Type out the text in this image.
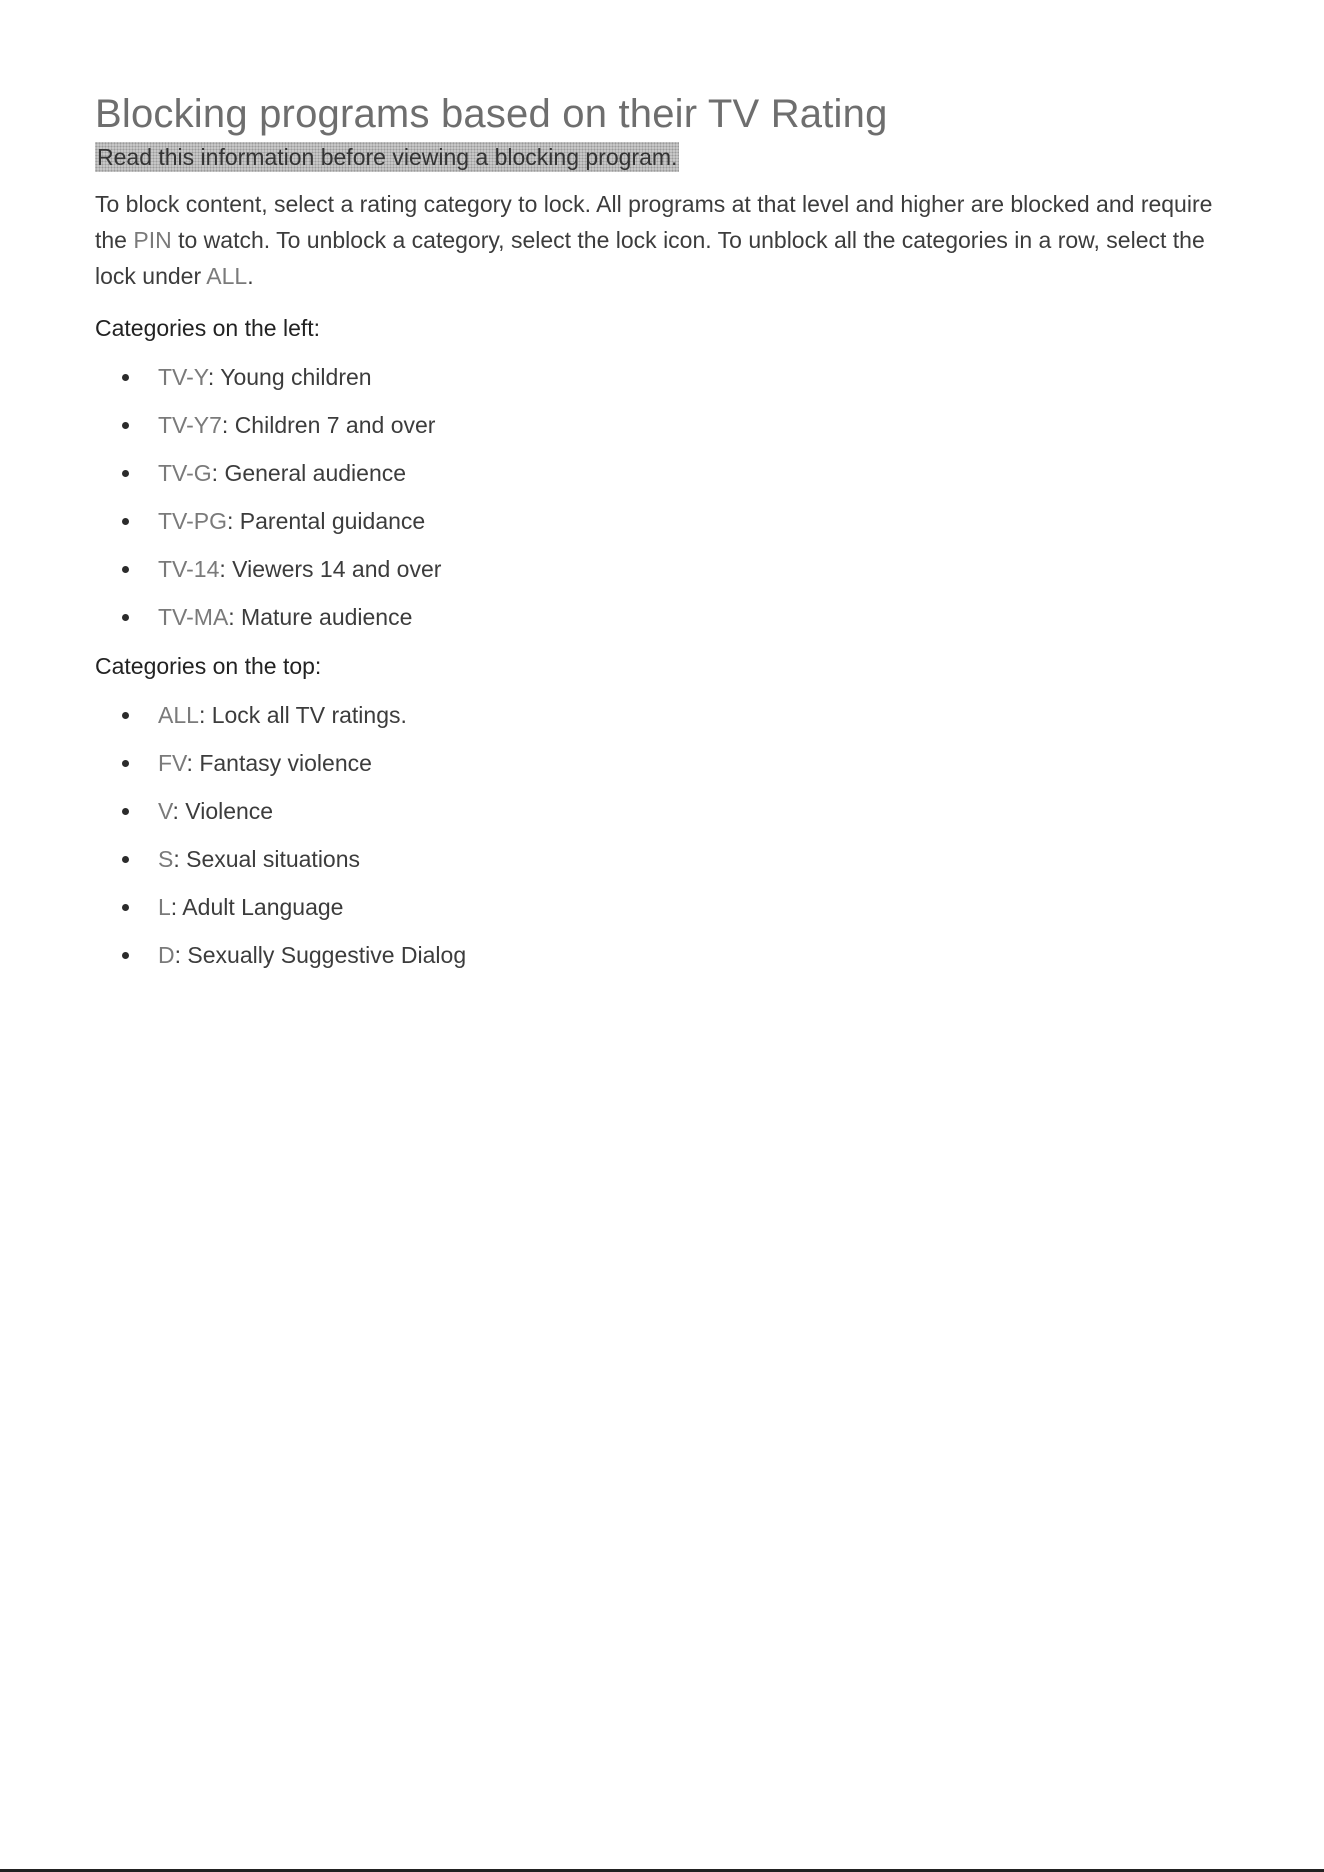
Blocking programs based on their TV Rating
Read this information before viewing a blocking program.

To block content, select a rating category to lock. All programs at that level and higher are blocked and require the PIN to watch. To unblock a category, select the lock icon. To unblock all the categories in a row, select the lock under ALL.

Categories on the left:

TV-Y: Young children
TV-Y7: Children 7 and over
TV-G: General audience
TV-PG: Parental guidance
TV-14: Viewers 14 and over
TV-MA: Mature audience

Categories on the top:

ALL: Lock all TV ratings.
FV: Fantasy violence
V: Violence
S: Sexual situations
L: Adult Language
D: Sexually Suggestive Dialog
